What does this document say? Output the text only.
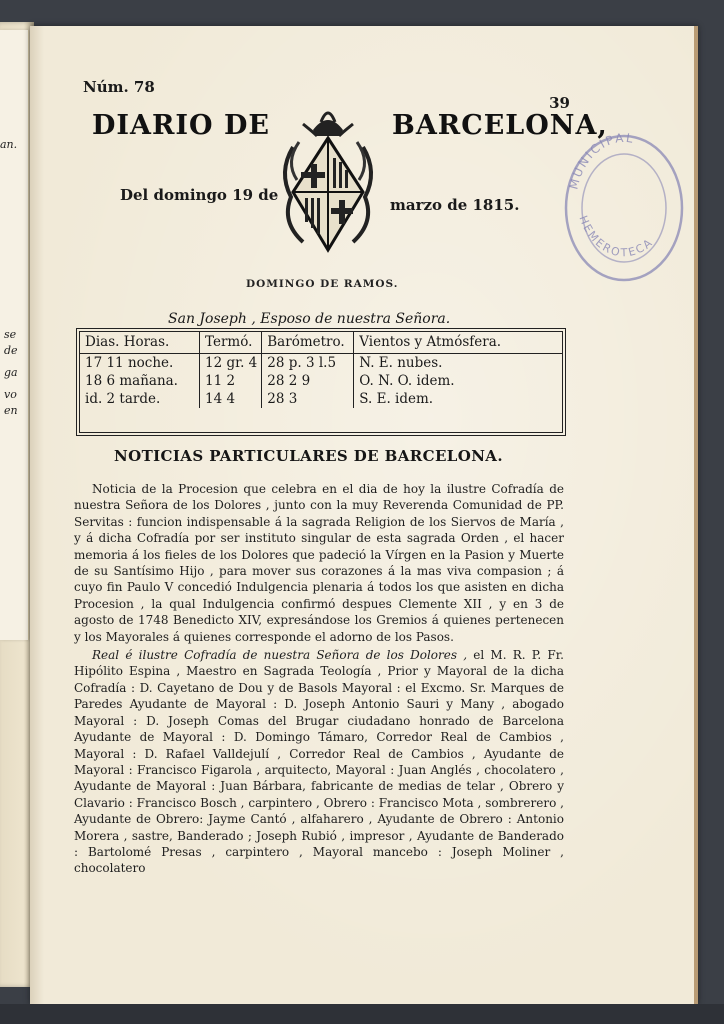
an.
se
de
ga
vo
en
Núm. 78
39
DIARIO DE	BARCELONA,
Del domingo 19 de
marzo de 1815.
MUNICIPAL
HEMEROTECA
DOMINGO DE RAMOS.
San Joseph , Esposo de nuestra Señora.
Dias. Horas.	Termó.	Barómetro.	Vientos y Atmósfera.
17 11 noche.	12 gr. 4	28 p. 3 l.5	N. E. nubes.
18 6 mañana.	11 2	28 2 9	O. N. O. idem.
id. 2 tarde.	14 4	28 3	S. E. idem.
NOTICIAS PARTICULARES DE BARCELONA.

Noticia de la Procesion que celebra en el dia de hoy la ilustre Cofradía de nuestra Señora de los Dolores , junto con la muy Reverenda Comunidad de PP. Servitas : funcion indispensable á la sagrada Religion de los Siervos de María , y á dicha Cofradía por ser instituto singular de esta sagrada Orden , el hacer memoria á los fieles de los Dolores que padeció la Vírgen en la Pasion y Muerte de su Santísimo Hijo , para mover sus corazones á la mas viva compasion ; á cuyo fin Paulo V concedió Indulgencia plenaria á todos los que asisten en dicha Procesion , la qual Indulgencia confirmó despues Clemente XII , y en 3 de agosto de 1748 Benedicto XIV, expresándose los Gremios á quienes pertenecen y los Mayorales á quienes corresponde el adorno de los Pasos.

Real é ilustre Cofradía de nuestra Señora de los Dolores , el M. R. P. Fr. Hipólito Espina , Maestro en Sagrada Teología , Prior y Mayoral de la dicha Cofradía : D. Cayetano de Dou y de Basols Mayoral : el Excmo. Sr. Marques de Paredes Ayudante de Mayoral : D. Joseph Antonio Sauri y Many , abogado Mayoral : D. Joseph Comas del Brugar ciudadano honrado de Barcelona Ayudante de Mayoral : D. Domingo Támaro, Corredor Real de Cambios , Mayoral : D. Rafael Valldejulí , Corredor Real de Cambios , Ayudante de Mayoral : Francisco Figarola , arquitecto, Mayoral : Juan Anglés , chocolatero , Ayudante de Mayoral : Juan Bárbara, fabricante de medias de telar , Obrero y Clavario : Francisco Bosch , carpintero , Obrero : Francisco Mota , sombrerero , Ayudante de Obrero: Jayme Cantó , alfaharero , Ayudante de Obrero : Antonio Morera , sastre, Banderado ; Joseph Rubió , impresor , Ayudante de Banderado : Bartolomé Presas , carpintero , Mayoral mancebo : Joseph Moliner , chocolatero
